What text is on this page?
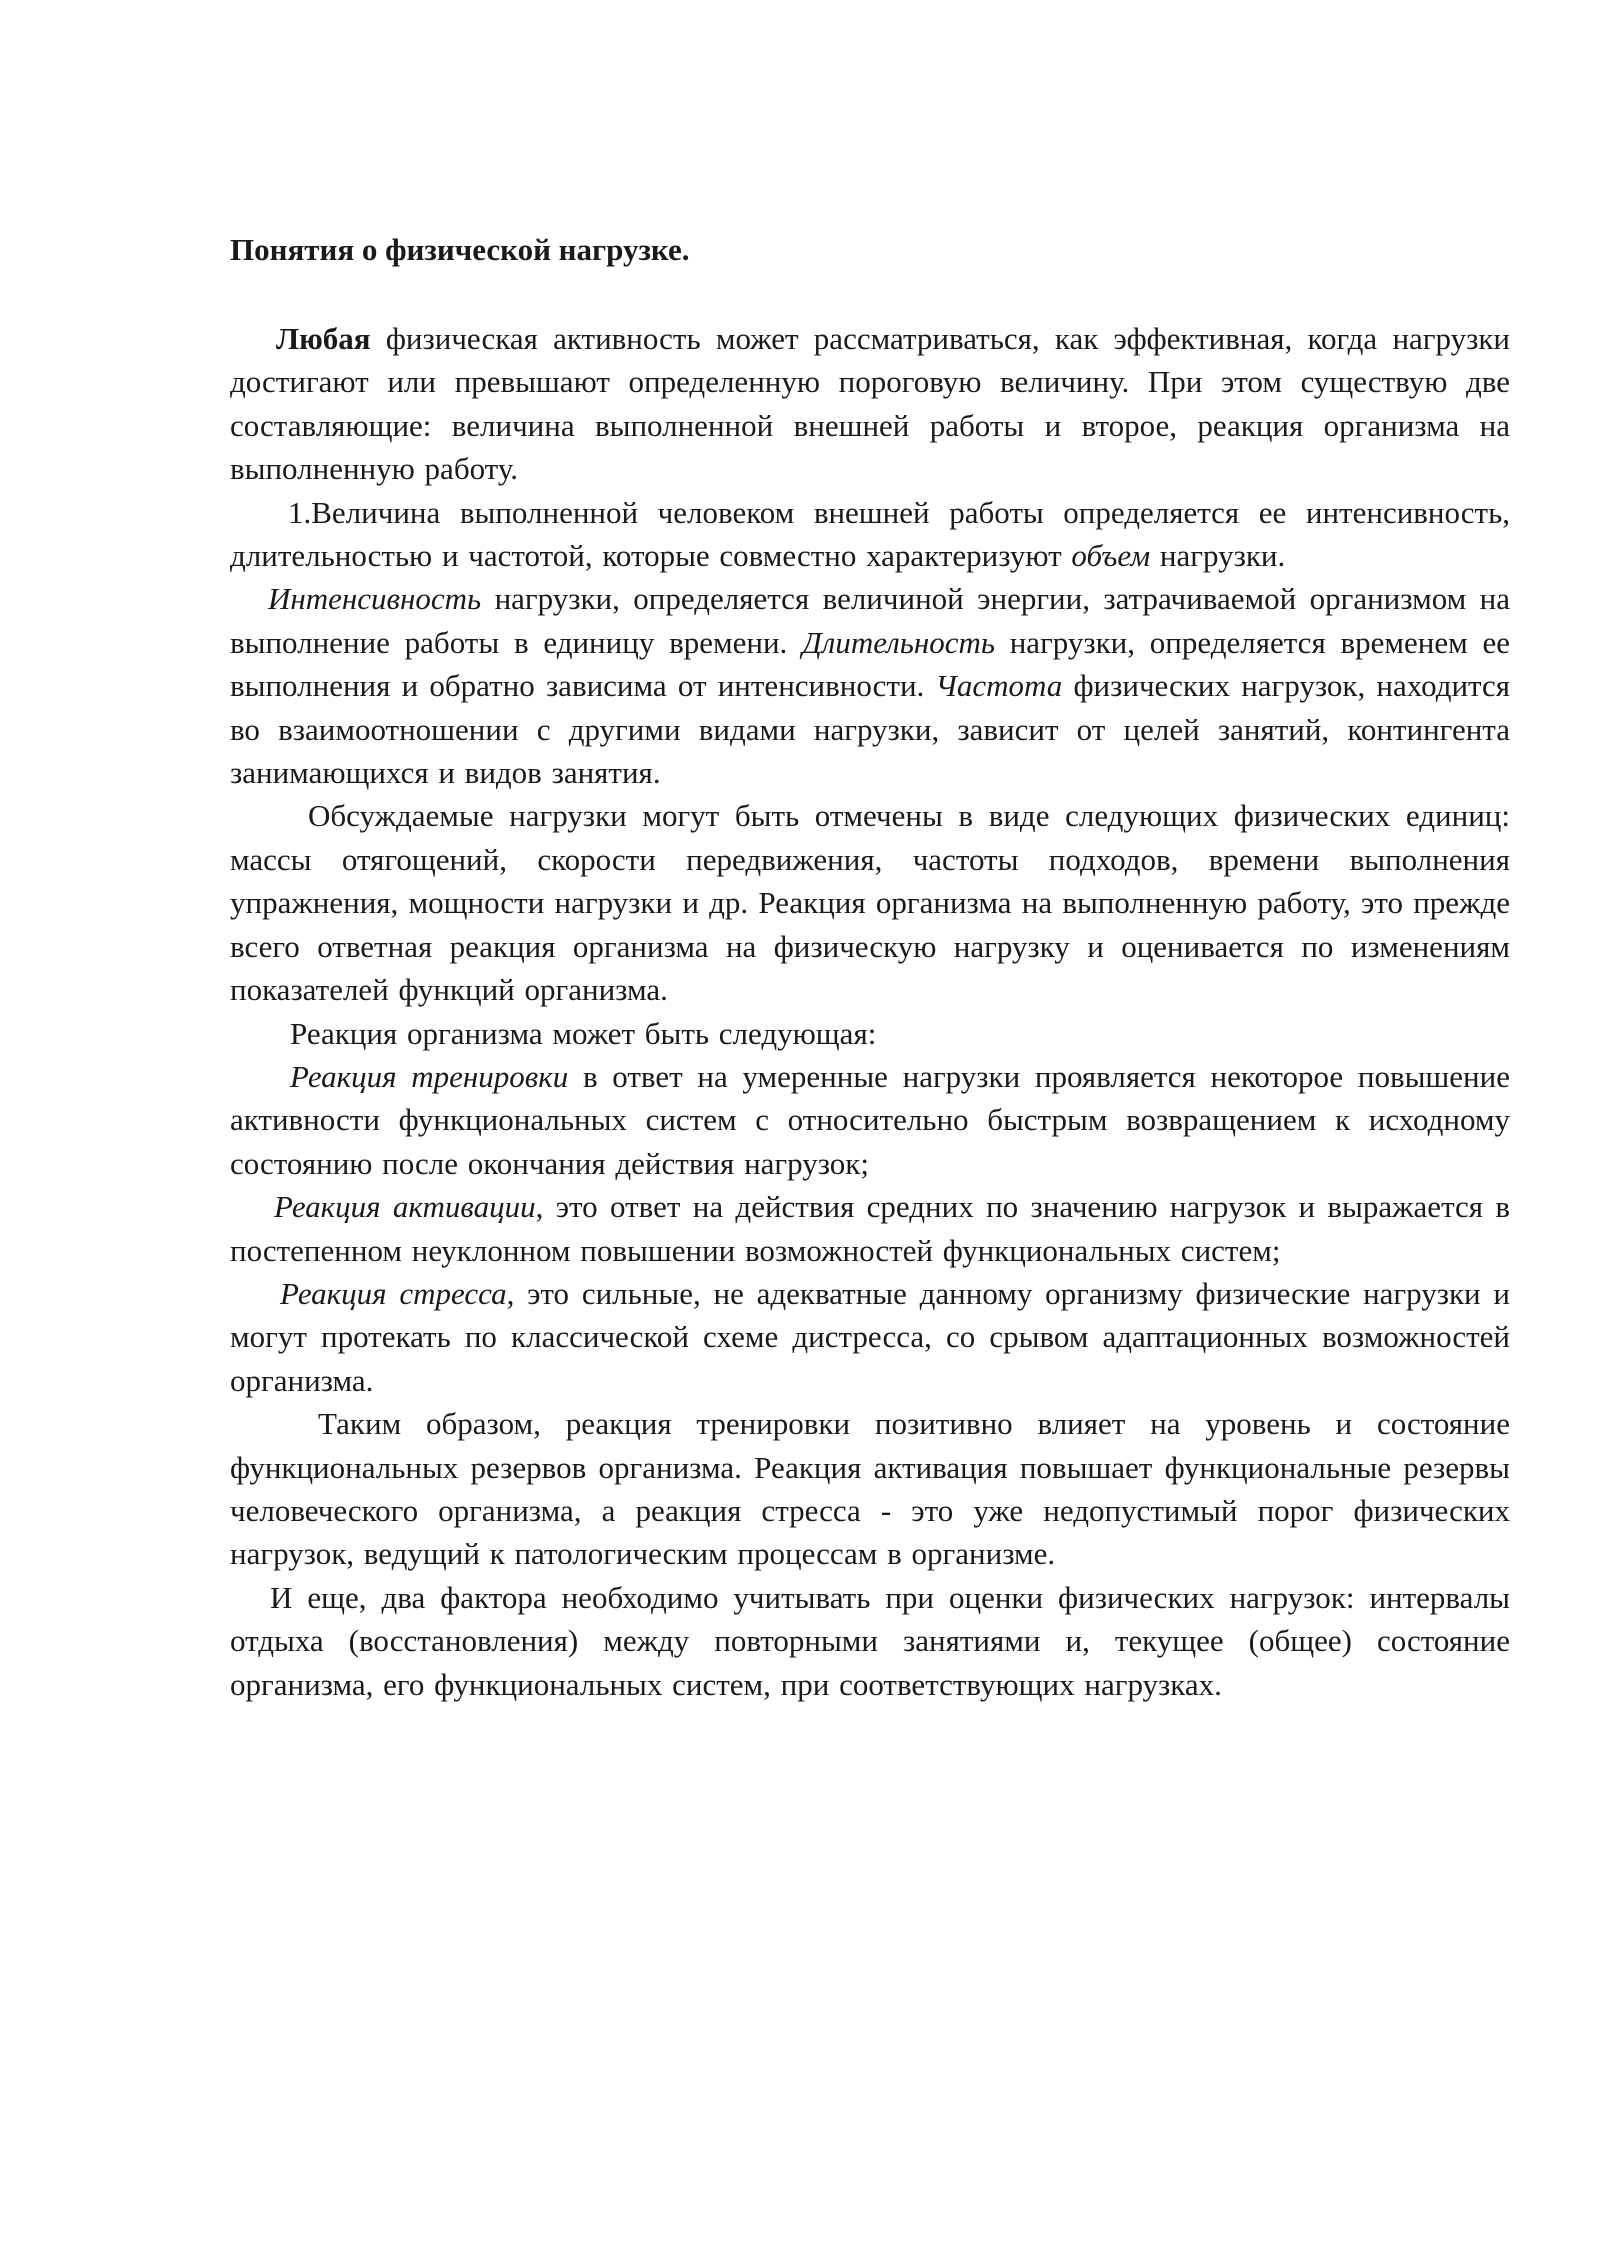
Понятия о физической нагрузке.

Любая физическая активность может рассматриваться, как эффективная, когда нагрузки достигают или превышают определенную пороговую величину. При этом существую две составляющие: величина выполненной внешней работы и второе, реакция организма на выполненную работу.

1.Величина выполненной человеком внешней работы определяется ее интенсивность, длительностью и частотой, которые совместно характеризуют объем нагрузки.

Интенсивность нагрузки, определяется величиной энергии, затрачиваемой организмом на выполнение работы в единицу времени. Длительность нагрузки, определяется временем ее выполнения и обратно зависима от интенсивности. Частота физических нагрузок, находится во взаимоотношении с другими видами нагрузки, зависит от целей занятий, контингента занимающихся и видов занятия.

Обсуждаемые нагрузки могут быть отмечены в виде следующих физических единиц: массы отягощений, скорости передвижения, частоты подходов, времени выполнения упражнения, мощности нагрузки и др. Реакция организма на выполненную работу, это прежде всего ответная реакция организма на физическую нагрузку и оценивается по изменениям показателей функций организма.

Реакция организма может быть следующая:

Реакция тренировки в ответ на умеренные нагрузки проявляется некоторое повышение активности функциональных систем с относительно быстрым возвращением к исходному состоянию после окончания действия нагрузок;

Реакция активации, это ответ на действия средних по значению нагрузок и выражается в постепенном неуклонном повышении возможностей функциональных систем;

Реакция стресса, это сильные, не адекватные данному организму физические нагрузки и могут протекать по классической схеме дистресса, со срывом адаптационных возможностей организма.

Таким образом, реакция тренировки позитивно влияет на уровень и состояние функциональных резервов организма. Реакция активация повышает функциональные резервы человеческого организма, а реакция стресса - это уже недопустимый порог физических нагрузок, ведущий к патологическим процессам в организме.

И еще, два фактора необходимо учитывать при оценки физических нагрузок: интервалы отдыха (восстановления) между повторными занятиями и, текущее (общее) состояние организма, его функциональных систем, при соответствующих нагрузках.
